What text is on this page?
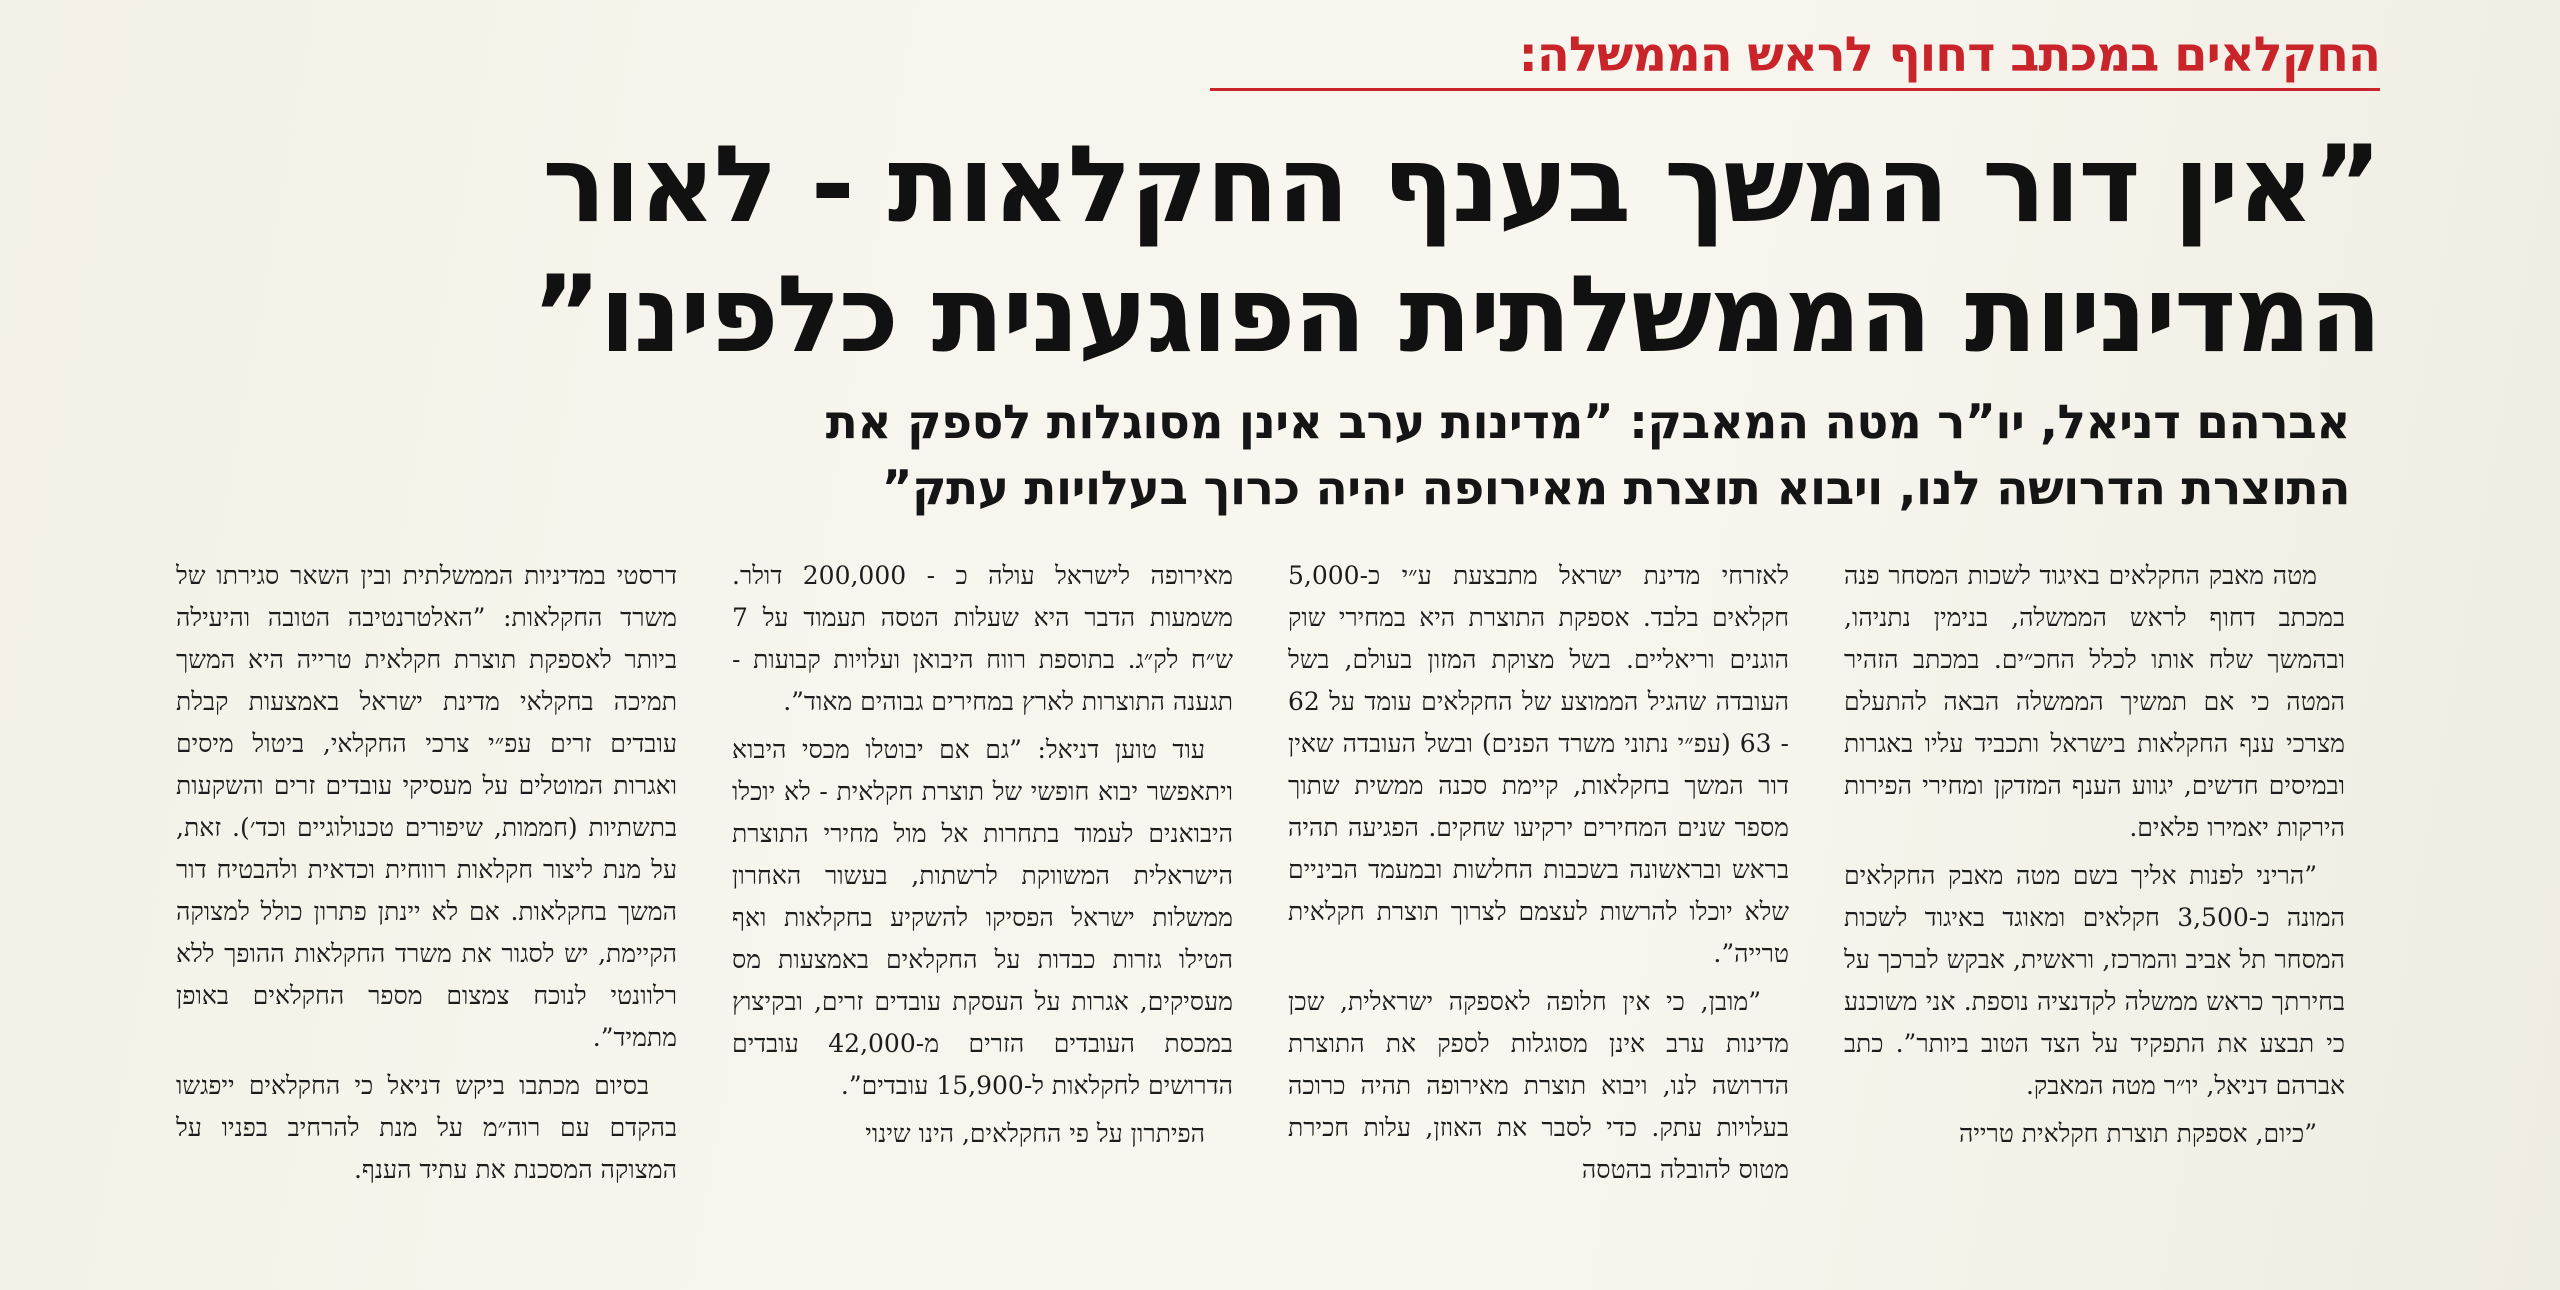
החקלאים במכתב דחוף לראש הממשלה:
”אין דור המשך בענף החקלאות - לאור
המדיניות הממשלתית הפוגענית כלפינו”
אברהם דניאל, יו”ר מטה המאבק: ”מדינות ערב אינן מסוגלות לספק את
התוצרת הדרושה לנו, ויבוא תוצרת מאירופה יהיה כרוך בעלויות עתק”

מטה מאבק החקלאים באיגוד לשכות המסחר פנה במכתב דחוף לראש הממשלה, בנימין נתניהו, ובהמשך שלח אותו לכלל החכ״ים. במכתב הזהיר המטה כי אם תמשיך הממשלה הבאה להתעלם מצרכי ענף החקלאות בישראל ותכביד עליו באגרות ובמיסים חדשים, יגווע הענף המזדקן ומחירי הפירות הירקות יאמירו פלאים.

”הריני לפנות אליך בשם מטה מאבק החקלאים המונה כ-3,500 חקלאים ומאוגד באיגוד לשכות המסחר תל אביב והמרכז, וראשית, אבקש לברכך על בחירתך כראש ממשלה לקדנציה נוספת. אני משוכנע כי תבצע את התפקיד על הצד הטוב ביותר”. כתב אברהם דניאל, יו״ר מטה המאבק.

”כיום, אספקת תוצרת חקלאית טרייה

לאזרחי מדינת ישראל מתבצעת ע״י כ-5,000 חקלאים בלבד. אספקת התוצרת היא במחירי שוק הוגנים וריאליים. בשל מצוקת המזון בעולם, בשל העובדה שהגיל הממוצע של החקלאים עומד על 62 - 63 (עפ״י נתוני משרד הפנים) ובשל העובדה שאין דור המשך בחקלאות, קיימת סכנה ממשית שתוך מספר שנים המחירים ירקיעו שחקים. הפגיעה תהיה בראש ובראשונה בשכבות החלשות ובמעמד הביניים שלא יוכלו להרשות לעצמם לצרוך תוצרת חקלאית טרייה”.

”מובן, כי אין חלופה לאספקה ישראלית, שכן מדינות ערב אינן מסוגלות לספק את התוצרת הדרושה לנו, ויבוא תוצרת מאירופה תהיה כרוכה בעלויות עתק. כדי לסבר את האוזן, עלות חכירת מטוס להובלה בהטסה

מאירופה לישראל עולה כ - 200,000 דולר. משמעות הדבר היא שעלות הטסה תעמוד על 7 ש״ח לק״ג. בתוספת רווח היבואן ועלויות קבועות - תגענה התוצרות לארץ במחירים גבוהים מאוד”.

עוד טוען דניאל: ”גם אם יבוטלו מכסי היבוא ויתאפשר יבוא חופשי של תוצרת חקלאית - לא יוכלו היבואנים לעמוד בתחרות אל מול מחירי התוצרת הישראלית המשווקת לרשתות, בעשור האחרון ממשלות ישראל הפסיקו להשקיע בחקלאות ואף הטילו גזרות כבדות על החקלאים באמצעות מס מעסיקים, אגרות על העסקת עובדים זרים, ובקיצוץ במכסת העובדים הזרים מ-42,000 עובדים הדרושים לחקלאות ל-15,900 עובדים”.

הפיתרון על פי החקלאים, הינו שינוי

דרסטי במדיניות הממשלתית ובין השאר סגירתו של משרד החקלאות: ”האלטרנטיבה הטובה והיעילה ביותר לאספקת תוצרת חקלאית טרייה היא המשך תמיכה בחקלאי מדינת ישראל באמצעות קבלת עובדים זרים עפ״י צרכי החקלאי, ביטול מיסים ואגרות המוטלים על מעסיקי עובדים זרים והשקעות בתשתיות (חממות, שיפורים טכנולוגיים וכד׳). זאת, על מנת ליצור חקלאות רווחית וכדאית ולהבטיח דור המשך בחקלאות. אם לא יינתן פתרון כולל למצוקה הקיימת, יש לסגור את משרד החקלאות ההופך ללא רלוונטי לנוכח צמצום מספר החקלאים באופן מתמיד”.

בסיום מכתבו ביקש דניאל כי החקלאים ייפגשו בהקדם עם רוה״מ על מנת להרחיב בפניו על המצוקה המסכנת את עתיד הענף.
